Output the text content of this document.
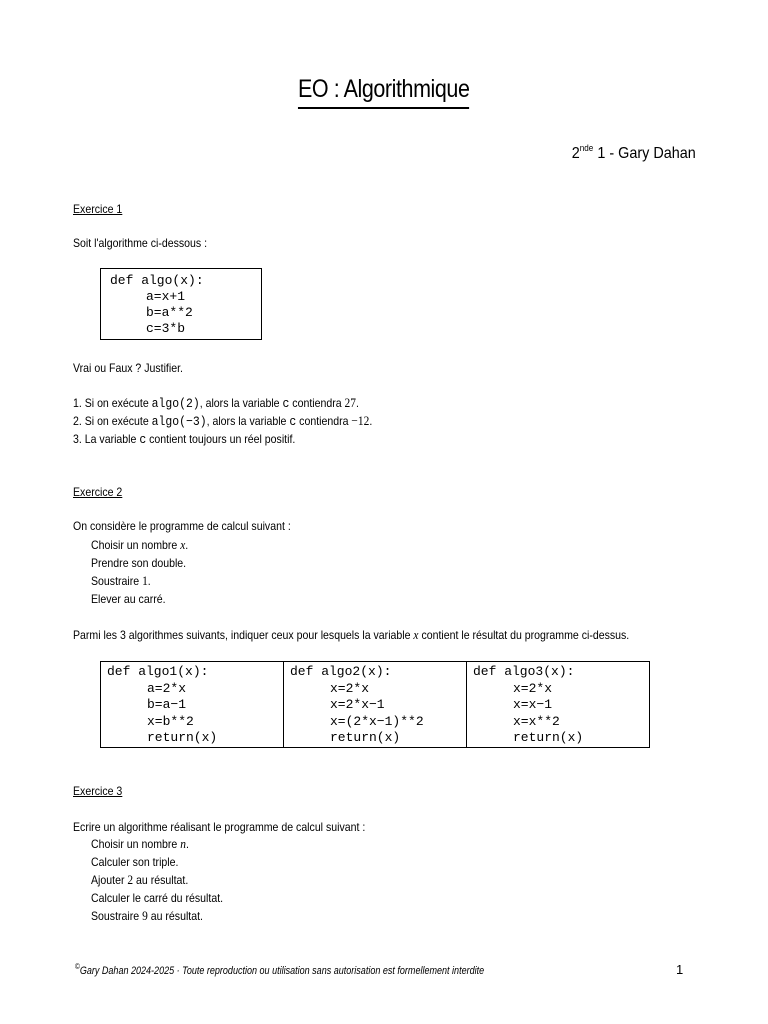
EO : Algorithmique
2nde 1 - Gary Dahan
Exercice 1
Soit l'algorithme ci-dessous :
def algo(x):
a=x+1
b=a**2
c=3*b
Vrai ou Faux ? Justifier.
1. Si on exécute algo(2), alors la variable c contiendra 27.
2. Si on exécute algo(−3), alors la variable c contiendra −12.
3. La variable c contient toujours un réel positif.
Exercice 2
On considère le programme de calcul suivant :
Choisir un nombre x.
Prendre son double.
Soustraire 1.
Elever au carré.
Parmi les 3 algorithmes suivants, indiquer ceux pour lesquels la variable x contient le résultat du programme ci-dessus.
def algo1(x):
a=2*x
b=a−1
x=b**2
return(x)	def algo2(x):
x=2*x
x=2*x−1
x=(2*x−1)**2
return(x)	def algo3(x):
x=2*x
x=x−1
x=x**2
return(x)
Exercice 3
Ecrire un algorithme réalisant le programme de calcul suivant :
Choisir un nombre n.
Calculer son triple.
Ajouter 2 au résultat.
Calculer le carré du résultat.
Soustraire 9 au résultat.
©Gary Dahan 2024-2025 · Toute reproduction ou utilisation sans autorisation est formellement interdite	1
